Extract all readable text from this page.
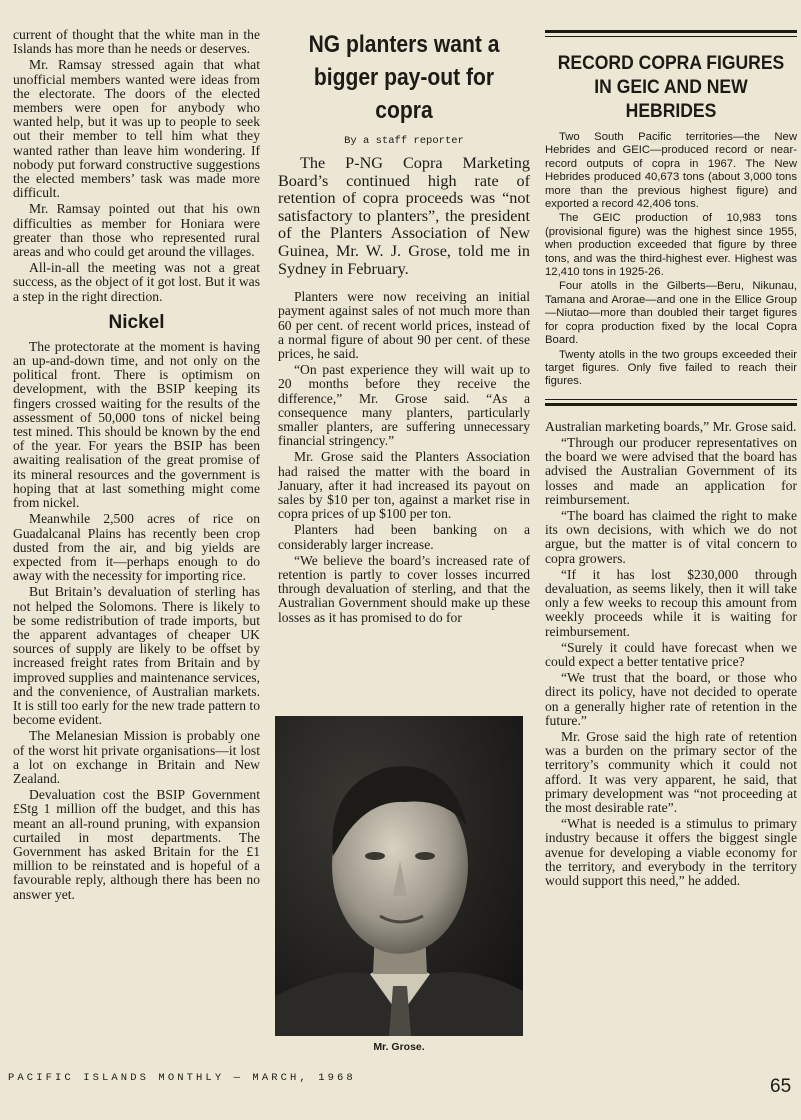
current of thought that the white man in the Islands has more than he needs or deserves.

Mr. Ramsay stressed again that what unofficial members wanted were ideas from the electorate. The doors of the elected members were open for anybody who wanted help, but it was up to people to seek out their member to tell him what they wanted rather than leave him wondering. If nobody put forward constructive suggestions the elected members’ task was made more difficult.

Mr. Ramsay pointed out that his own difficulties as member for Honiara were greater than those who represented rural areas and who could get around the villages.

All-in-all the meeting was not a great success, as the object of it got lost. But it was a step in the right direction.

Nickel

The protectorate at the moment is having an up-and-down time, and not only on the political front. There is optimism on development, with the BSIP keeping its fingers crossed waiting for the results of the assessment of 50,000 tons of nickel being test mined. This should be known by the end of the year. For years the BSIP has been awaiting realisation of the great promise of its mineral resources and the government is hoping that at last something might come from nickel.

Meanwhile 2,500 acres of rice on Guadalcanal Plains has recently been crop dusted from the air, and big yields are expected from it—perhaps enough to do away with the necessity for importing rice.

But Britain’s devaluation of sterling has not helped the Solomons. There is likely to be some redistribution of trade imports, but the apparent advantages of cheaper UK sources of supply are likely to be offset by increased freight rates from Britain and by improved supplies and maintenance services, and the convenience, of Australian markets. It is still too early for the new trade pattern to become evident.

The Melanesian Mission is probably one of the worst hit private organisations—it lost a lot on exchange in Britain and New Zealand.

Devaluation cost the BSIP Government £Stg 1 million off the budget, and this has meant an all-round pruning, with expansion curtailed in most departments. The Government has asked Britain for the £1 million to be reinstated and is hopeful of a favourable reply, although there has been no answer yet.

NG planters want a bigger pay-out for copra
By a staff reporter

The P-NG Copra Marketing Board’s continued high rate of retention of copra proceeds was “not satisfactory to planters”, the president of the Planters Association of New Guinea, Mr. W. J. Grose, told me in Sydney in February.

Planters were now receiving an initial payment against sales of not much more than 60 per cent. of recent world prices, instead of a normal figure of about 90 per cent. of these prices, he said.

“On past experience they will wait up to 20 months before they receive the difference,” Mr. Grose said. “As a consequence many planters, particularly smaller planters, are suffering unnecessary financial stringency.”

Mr. Grose said the Planters Association had raised the matter with the board in January, after it had increased its payout on sales by $10 per ton, against a market rise in copra prices of up $100 per ton.

Planters had been banking on a considerably larger increase.

“We believe the board’s increased rate of retention is partly to cover losses incurred through devaluation of sterling, and that the Australian Government should make up these losses as it has promised to do for

Mr. Grose.
RECORD COPRA FIGURES IN GEIC AND NEW HEBRIDES

Two South Pacific territories—the New Hebrides and GEIC—produced record or near-record outputs of copra in 1967. The New Hebrides produced 40,673 tons (about 3,000 tons more than the previous highest figure) and exported a record 42,406 tons.

The GEIC production of 10,983 tons (provisional figure) was the highest since 1955, when production exceeded that figure by three tons, and was the third-highest ever. Highest was 12,410 tons in 1925-26.

Four atolls in the Gilberts—Beru, Nikunau, Tamana and Arorae—and one in the Ellice Group—Niutao—more than doubled their target figures for copra production fixed by the local Copra Board.

Twenty atolls in the two groups exceeded their target figures. Only five failed to reach their figures.

Australian marketing boards,” Mr. Grose said.

“Through our producer representatives on the board we were advised that the board has advised the Australian Government of its losses and made an application for reimbursement.

“The board has claimed the right to make its own decisions, with which we do not argue, but the matter is of vital concern to copra growers.

“If it has lost $230,000 through devaluation, as seems likely, then it will take only a few weeks to recoup this amount from weekly proceeds while it is waiting for reimbursement.

“Surely it could have forecast when we could expect a better tentative price?

“We trust that the board, or those who direct its policy, have not decided to operate on a generally higher rate of retention in the future.”

Mr. Grose said the high rate of retention was a burden on the primary sector of the territory’s community which it could not afford. It was very apparent, he said, that primary development was “not proceeding at the most desirable rate”.

“What is needed is a stimulus to primary industry because it offers the biggest single avenue for developing a viable economy for the territory, and everybody in the territory would support this need,” he added.

PACIFIC ISLANDS MONTHLY — MARCH, 1968	65
